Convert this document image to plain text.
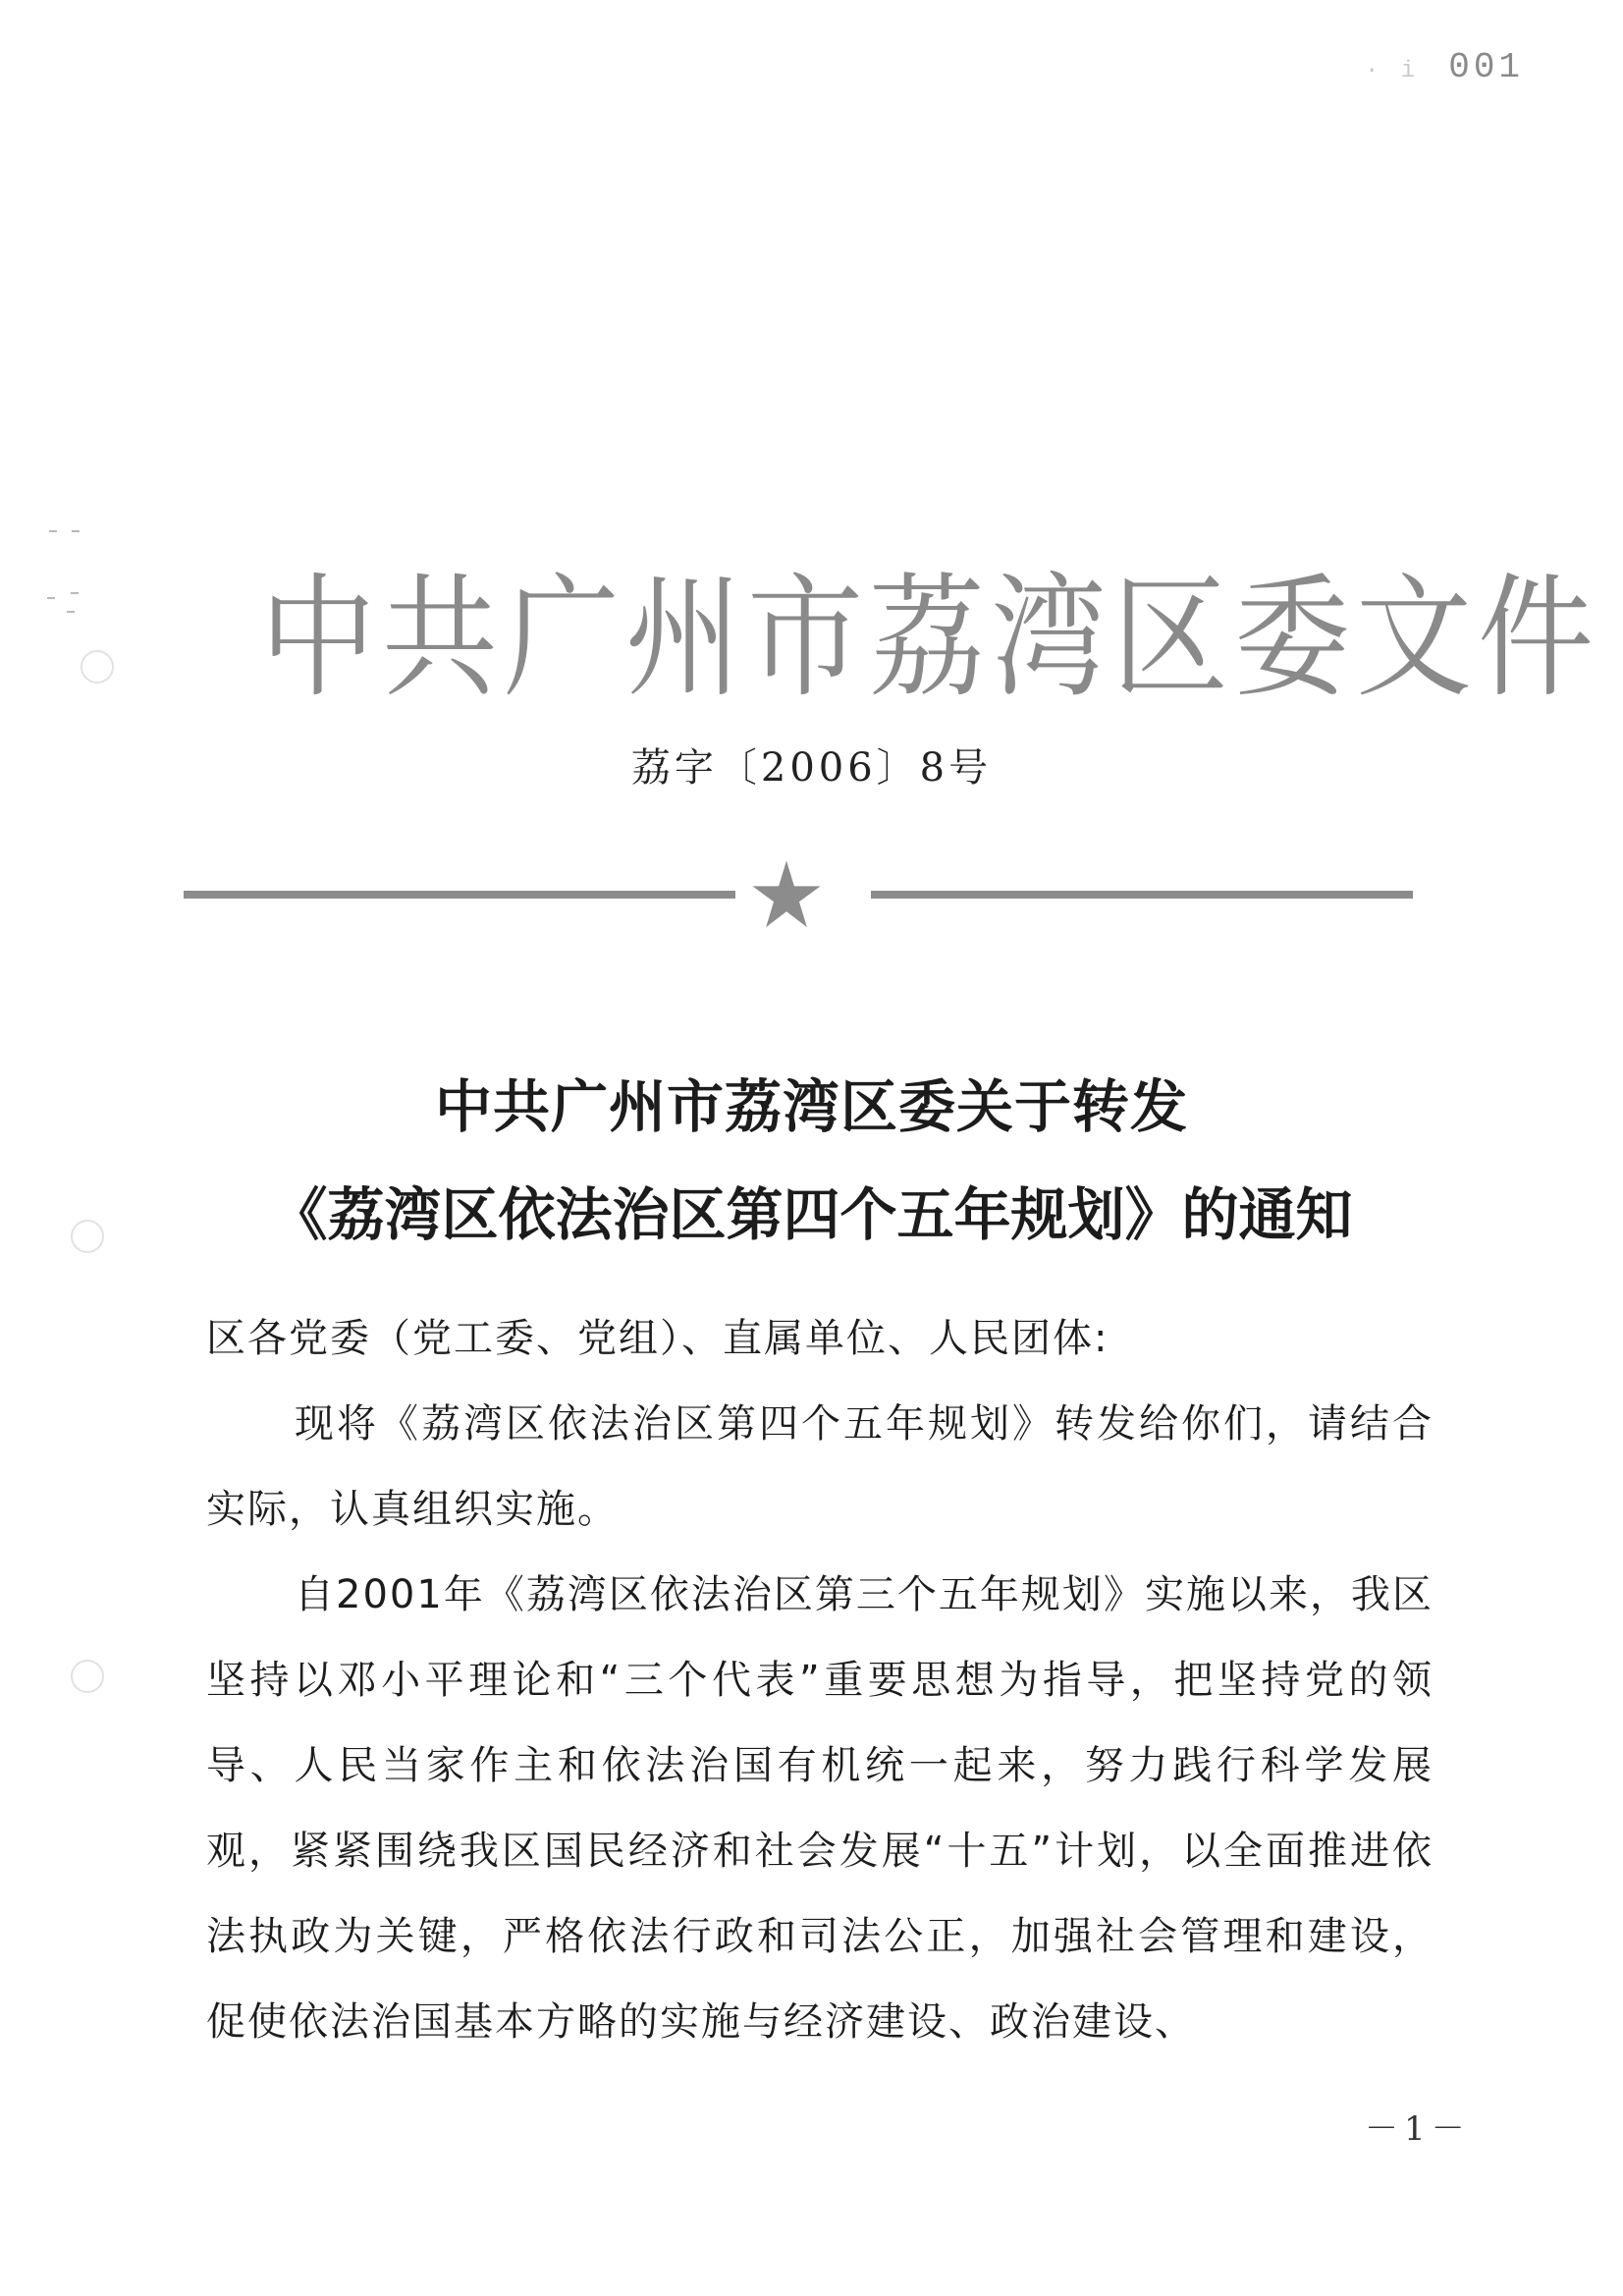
· i 001
中共广州市荔湾区委文件
荔字〔2006〕8号
中共广州市荔湾区委关于转发
《荔湾区依法治区第四个五年规划》的通知

区各党委（党工委、党组）、直属单位、人民团体:

现将《荔湾区依法治区第四个五年规划》转发给你们，请结合实际，认真组织实施。

自2001年《荔湾区依法治区第三个五年规划》实施以来，我区坚持以邓小平理论和“三个代表”重要思想为指导，把坚持党的领导、人民当家作主和依法治国有机统一起来，努力践行科学发展观，紧紧围绕我区国民经济和社会发展“十五”计划，以全面推进依法执政为关键，严格依法行政和司法公正，加强社会管理和建设，促使依法治国基本方略的实施与经济建设、政治建设、

－1－
